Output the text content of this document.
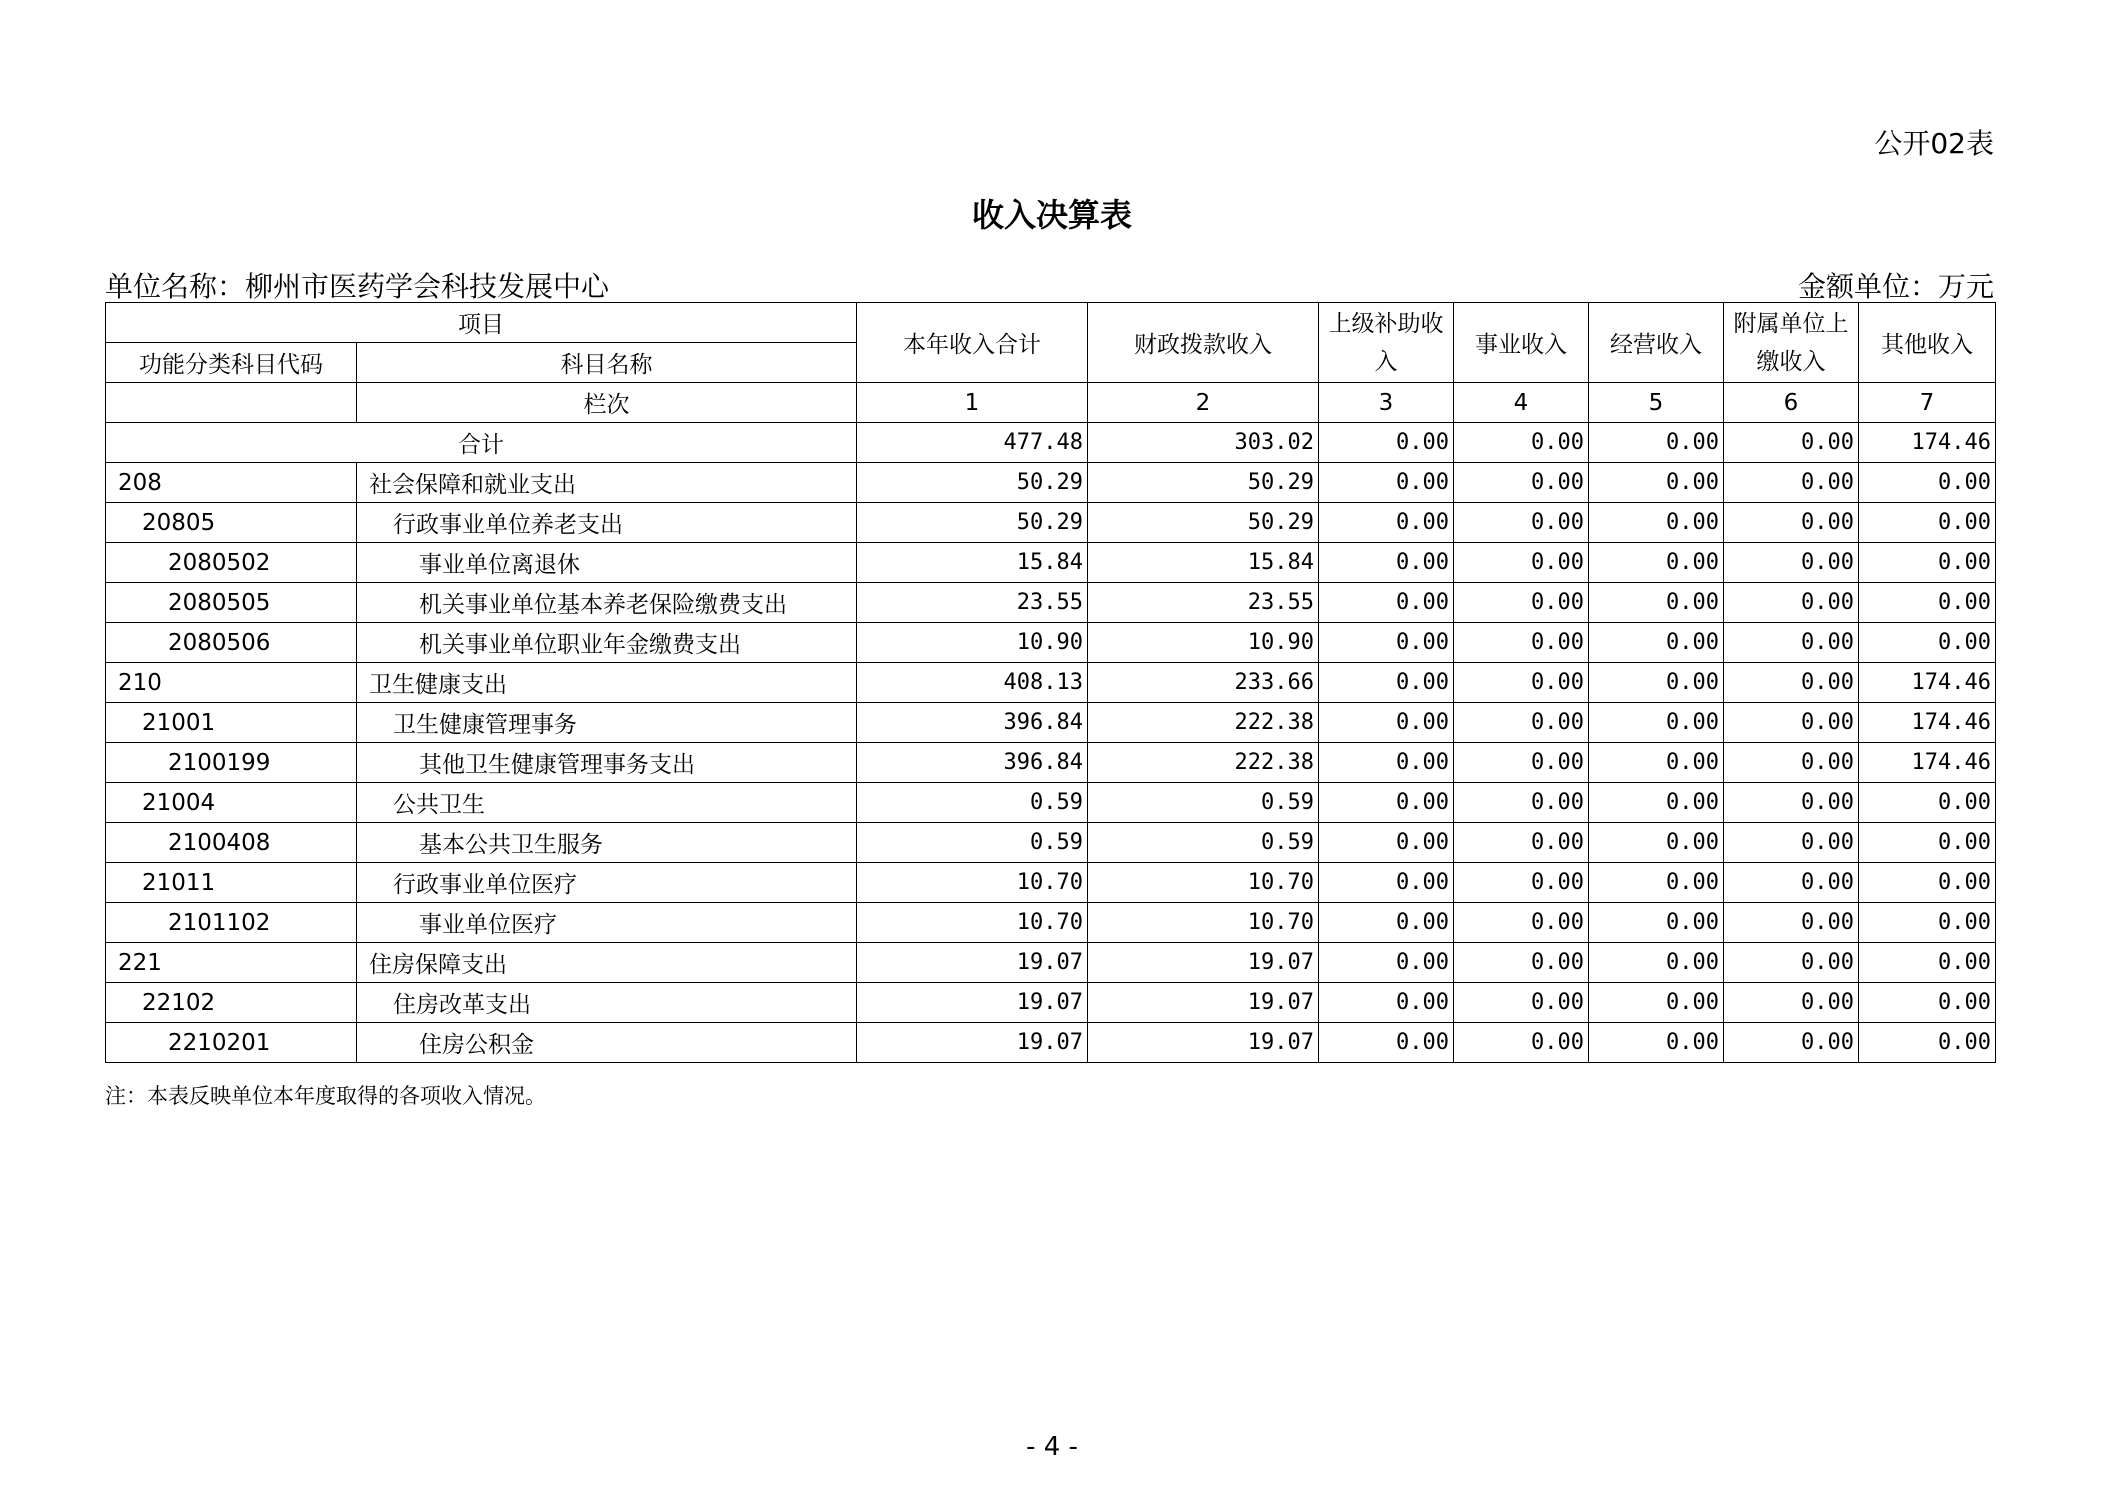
公开02表
收入决算表
单位名称：柳州市医药学会科技发展中心	金额单位：万元
项目		本年收入合计	财政拨款收入	上级补助收入	事业收入	经营收入	附属单位上缴收入	其他收入
功能分类科目代码	科目名称							
	栏次	1	2	3	4	5	6	7
合计		477.48	303.02	0.00	0.00	0.00	0.00	174.46
208	社会保障和就业支出	50.29	50.29	0.00	0.00	0.00	0.00	0.00
20805	行政事业单位养老支出	50.29	50.29	0.00	0.00	0.00	0.00	0.00
2080502	事业单位离退休	15.84	15.84	0.00	0.00	0.00	0.00	0.00
2080505	机关事业单位基本养老保险缴费支出	23.55	23.55	0.00	0.00	0.00	0.00	0.00
2080506	机关事业单位职业年金缴费支出	10.90	10.90	0.00	0.00	0.00	0.00	0.00
210	卫生健康支出	408.13	233.66	0.00	0.00	0.00	0.00	174.46
21001	卫生健康管理事务	396.84	222.38	0.00	0.00	0.00	0.00	174.46
2100199	其他卫生健康管理事务支出	396.84	222.38	0.00	0.00	0.00	0.00	174.46
21004	公共卫生	0.59	0.59	0.00	0.00	0.00	0.00	0.00
2100408	基本公共卫生服务	0.59	0.59	0.00	0.00	0.00	0.00	0.00
21011	行政事业单位医疗	10.70	10.70	0.00	0.00	0.00	0.00	0.00
2101102	事业单位医疗	10.70	10.70	0.00	0.00	0.00	0.00	0.00
221	住房保障支出	19.07	19.07	0.00	0.00	0.00	0.00	0.00
22102	住房改革支出	19.07	19.07	0.00	0.00	0.00	0.00	0.00
2210201	住房公积金	19.07	19.07	0.00	0.00	0.00	0.00	0.00
注：本表反映单位本年度取得的各项收入情况。
- 4 -
